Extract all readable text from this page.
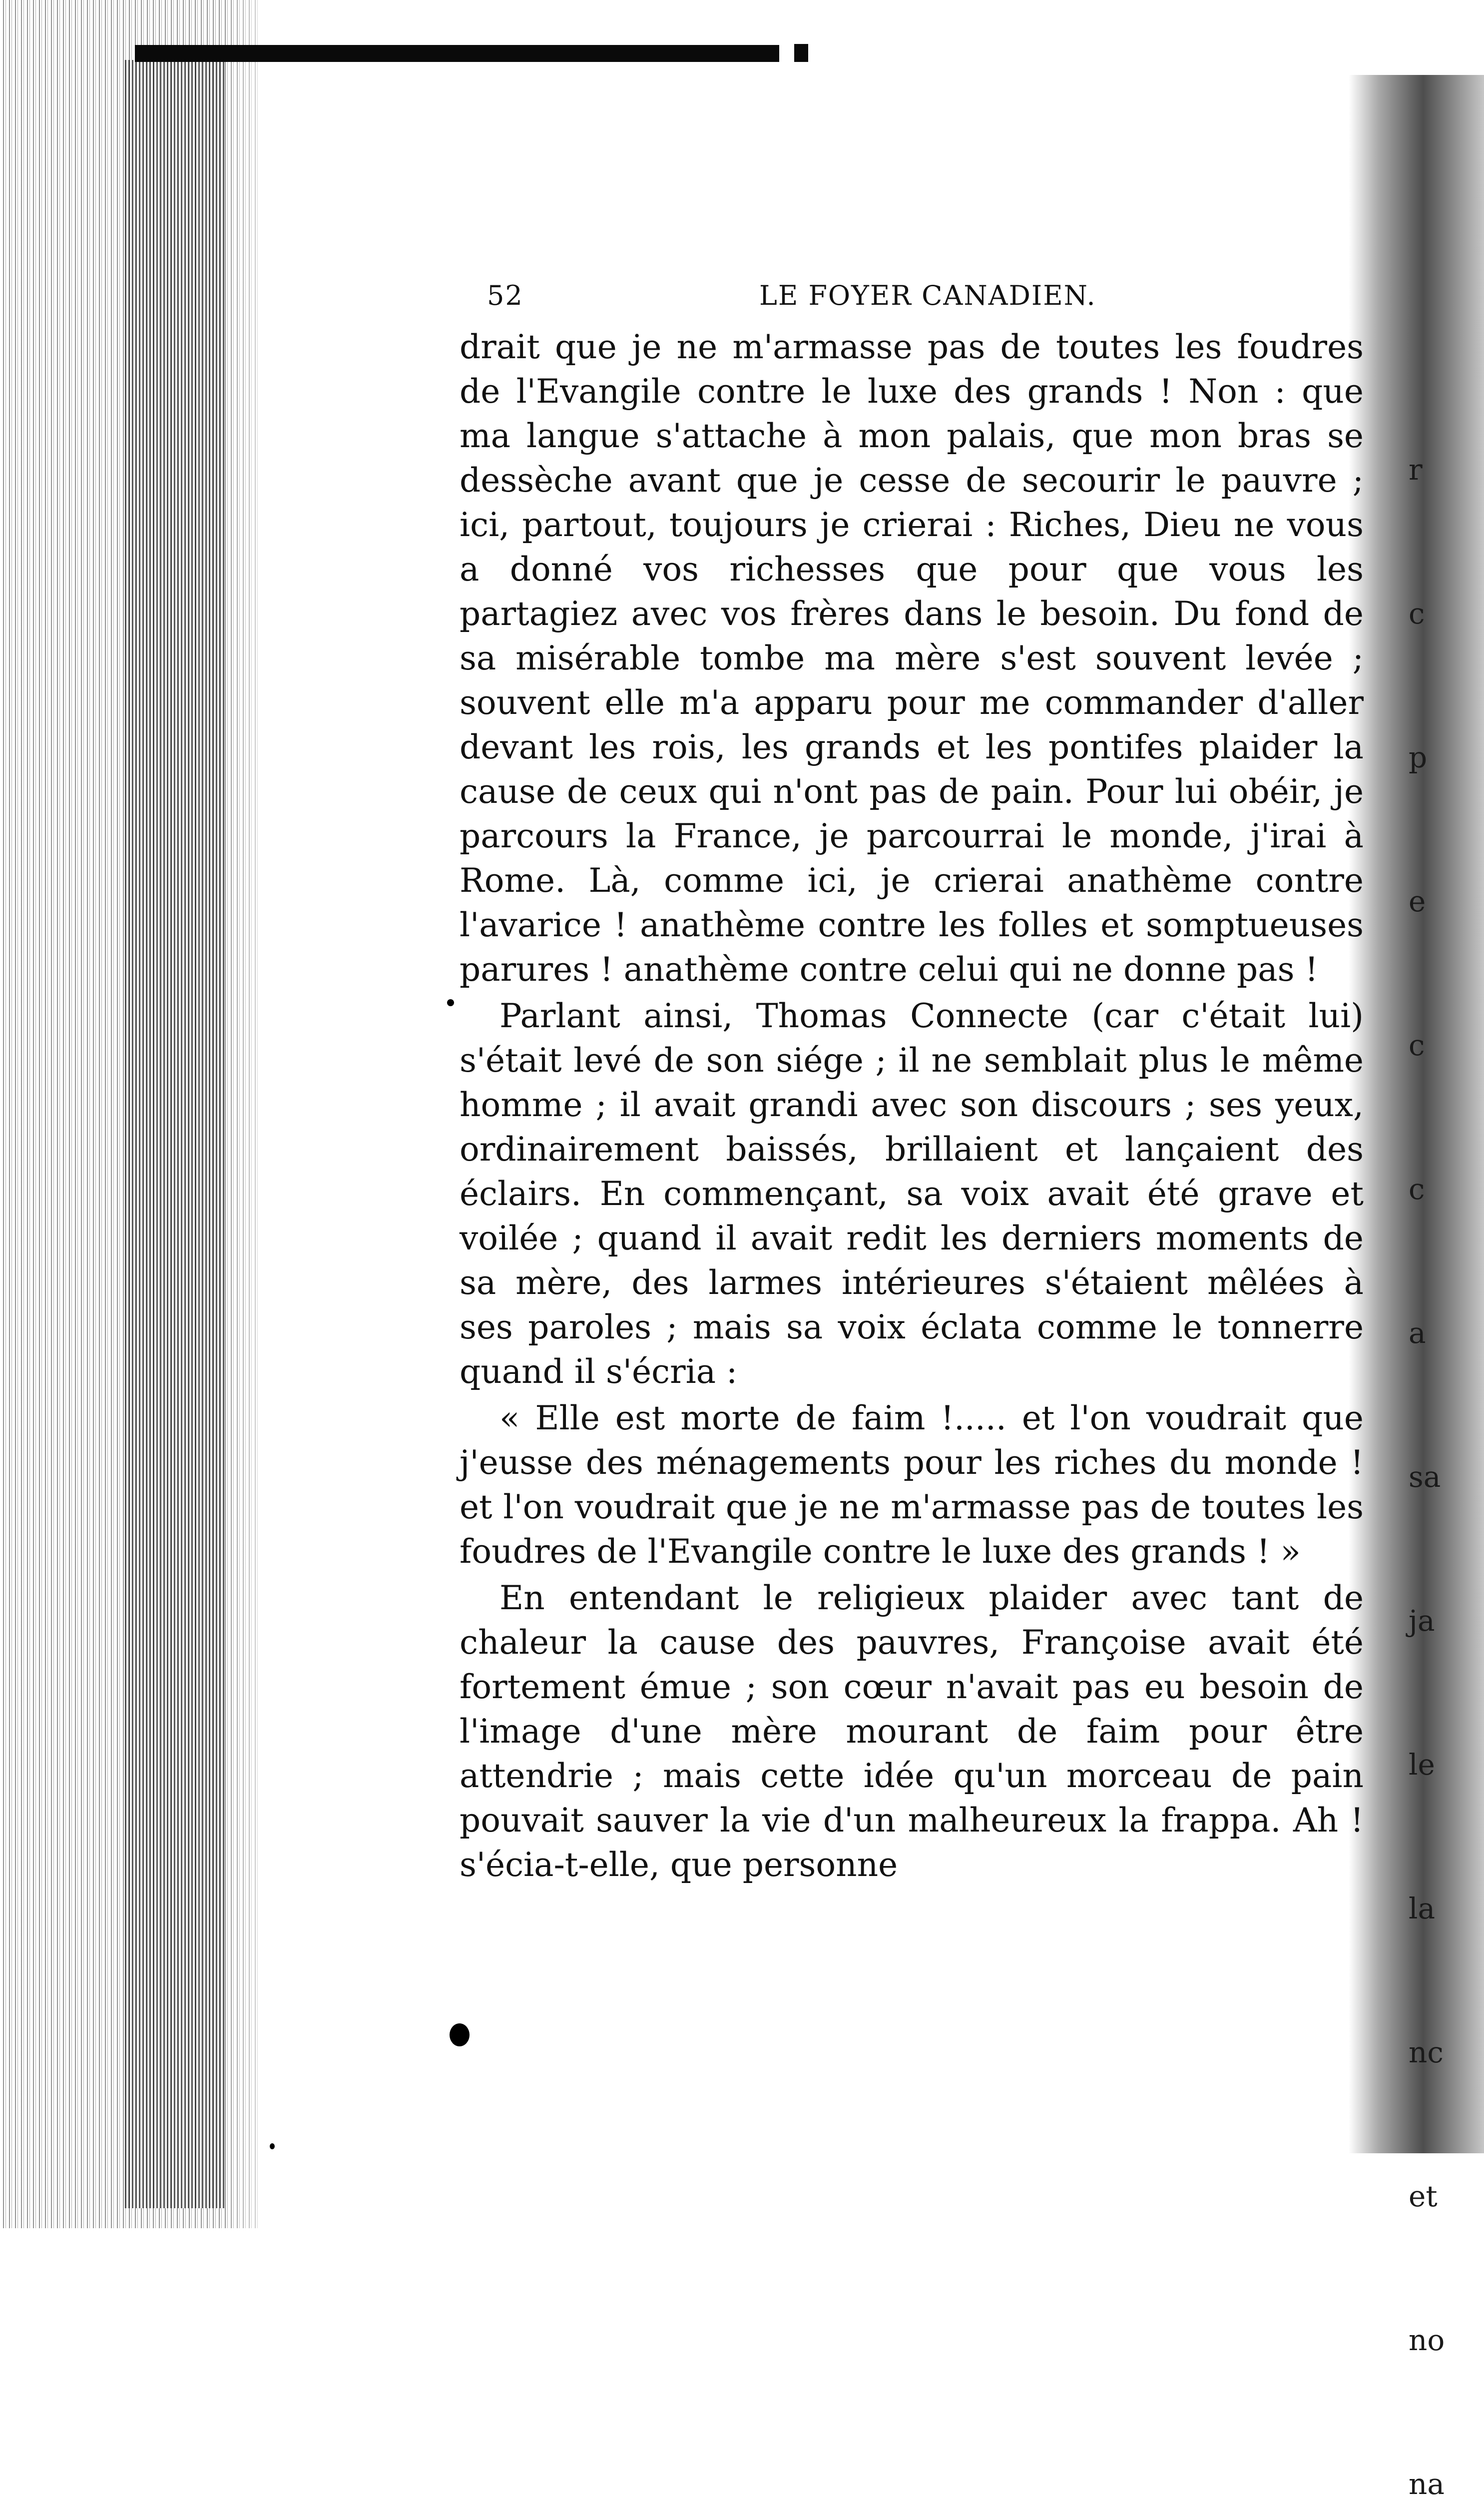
r

c

p

e

c

c

a

sa

ja

le

la

nc

et

no

na

52	LE FOYER CANADIEN.

drait que je ne m'armasse pas de toutes les foudres de l'Evangile contre le luxe des grands ! Non : que ma langue s'attache à mon palais, que mon bras se dessèche avant que je cesse de secourir le pauvre ; ici, partout, toujours je crierai : Riches, Dieu ne vous a donné vos richesses que pour que vous les partagiez avec vos frères dans le besoin. Du fond de sa misérable tombe ma mère s'est souvent levée ; souvent elle m'a apparu pour me commander d'aller devant les rois, les grands et les pontifes plaider la cause de ceux qui n'ont pas de pain. Pour lui obéir, je parcours la France, je parcourrai le monde, j'irai à Rome. Là, comme ici, je crierai anathème contre l'avarice ! anathème contre les folles et somptueuses parures ! anathème contre celui qui ne donne pas !

Parlant ainsi, Thomas Connecte (car c'était lui) s'était levé de son siége ; il ne semblait plus le même homme ; il avait grandi avec son discours ; ses yeux, ordinairement baissés, brillaient et lançaient des éclairs. En commençant, sa voix avait été grave et voilée ; quand il avait redit les derniers moments de sa mère, des larmes intérieures s'étaient mêlées à ses paroles ; mais sa voix éclata comme le tonnerre quand il s'écria :

« Elle est morte de faim !..... et l'on voudrait que j'eusse des ménagements pour les riches du monde ! et l'on voudrait que je ne m'armasse pas de toutes les foudres de l'Evangile contre le luxe des grands ! »

En entendant le religieux plaider avec tant de chaleur la cause des pauvres, Françoise avait été fortement émue ; son cœur n'avait pas eu besoin de l'image d'une mère mourant de faim pour être attendrie ; mais cette idée qu'un morceau de pain pouvait sauver la vie d'un malheureux la frappa. Ah ! s'écia-t-elle, que personne
